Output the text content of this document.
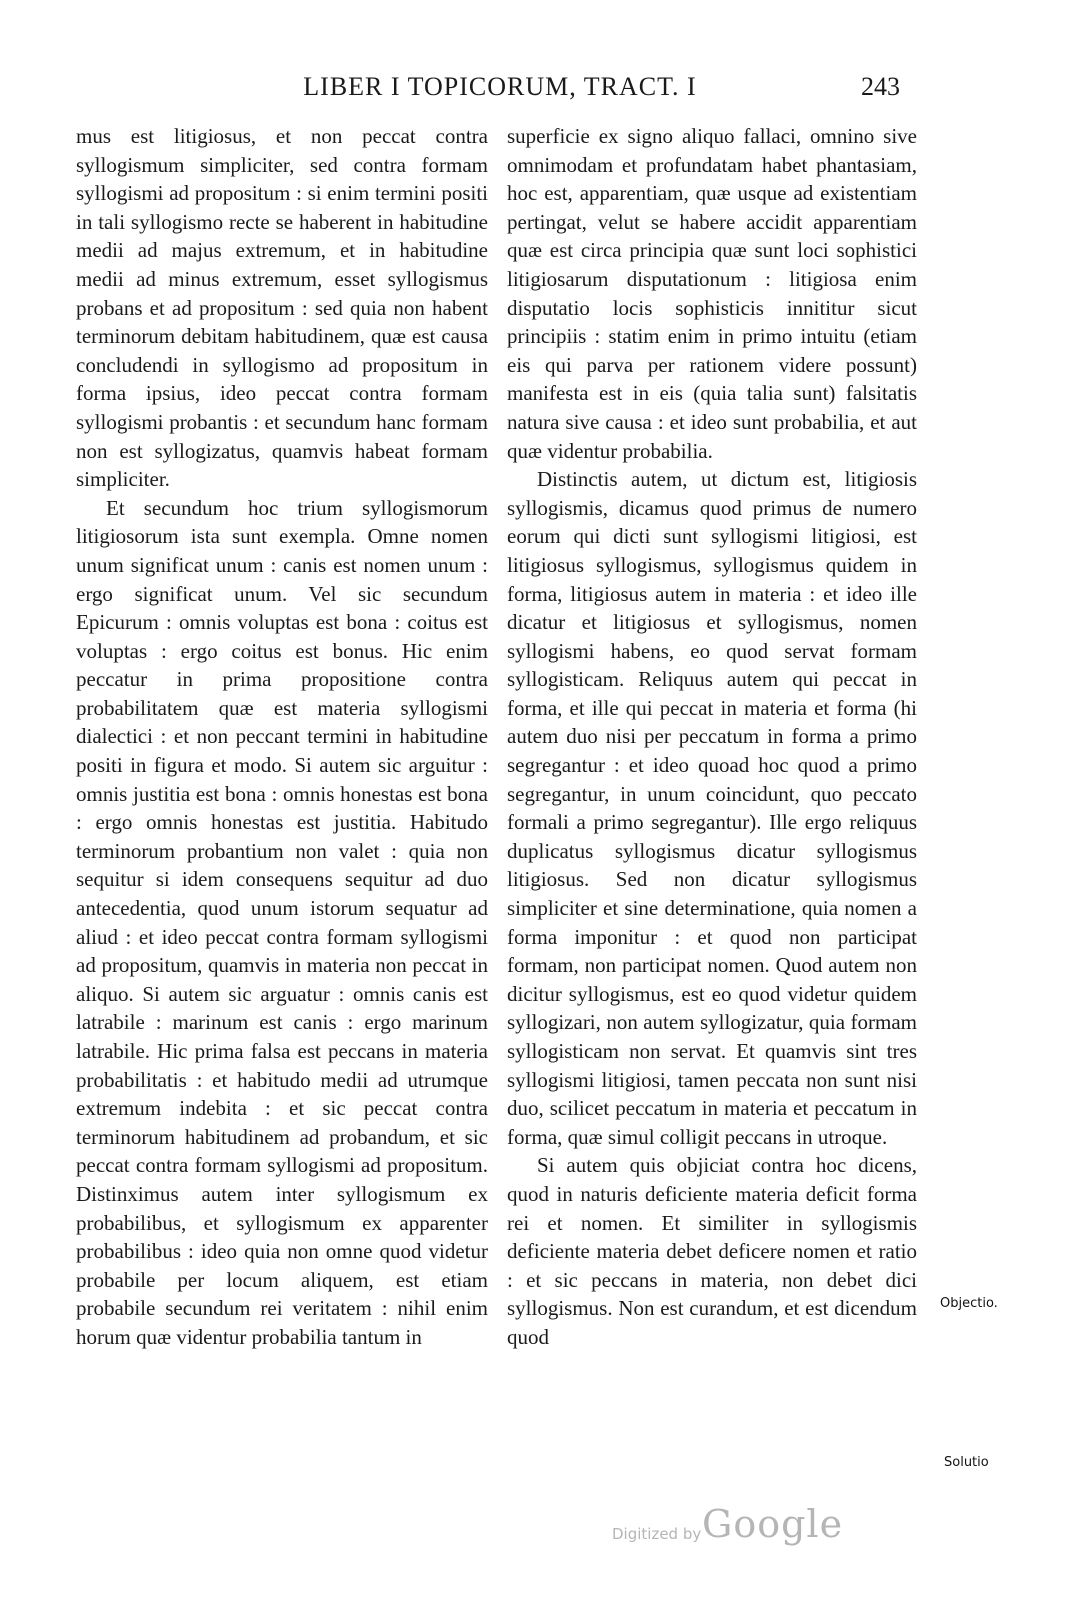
LIBER I TOPICORUM, TRACT. I	243

mus est litigiosus, et non peccat contra syllogismum simpliciter, sed contra formam syllogismi ad propositum : si enim termini positi in tali syllogismo recte se haberent in habitudine medii ad majus extremum, et in habitudine medii ad minus extremum, esset syllogismus probans et ad propositum : sed quia non habent terminorum debitam habitudinem, quæ est causa concludendi in syllogismo ad propositum in forma ipsius, ideo peccat contra formam syllogismi probantis : et secundum hanc formam non est syllogizatus, quamvis habeat formam simpliciter.

Et secundum hoc trium syllogismorum litigiosorum ista sunt exempla. Omne nomen unum significat unum : canis est nomen unum : ergo significat unum. Vel sic secundum Epicurum : omnis voluptas est bona : coitus est voluptas : ergo coitus est bonus. Hic enim peccatur in prima propositione contra probabilitatem quæ est materia syllogismi dialectici : et non peccant termini in habitudine positi in figura et modo. Si autem sic arguitur : omnis justitia est bona : omnis honestas est bona : ergo omnis honestas est justitia. Habitudo terminorum probantium non valet : quia non sequitur si idem consequens sequitur ad duo antecedentia, quod unum istorum sequatur ad aliud : et ideo peccat contra formam syllogismi ad propositum, quamvis in materia non peccat in aliquo. Si autem sic arguatur : omnis canis est latrabile : marinum est canis : ergo marinum latrabile. Hic prima falsa est peccans in materia probabilitatis : et habitudo medii ad utrumque extremum indebita : et sic peccat contra terminorum habitudinem ad probandum, et sic peccat contra formam syllogismi ad propositum. Distinximus autem inter syllogismum ex probabilibus, et syllogismum ex apparenter probabilibus : ideo quia non omne quod videtur probabile per locum aliquem, est etiam probabile secundum rei veritatem : nihil enim horum quæ videntur probabilia tantum in

superficie ex signo aliquo fallaci, omnino sive omnimodam et profundatam habet phantasiam, hoc est, apparentiam, quæ usque ad existentiam pertingat, velut se habere accidit apparentiam quæ est circa principia quæ sunt loci sophistici litigiosarum disputationum : litigiosa enim disputatio locis sophisticis innititur sicut principiis : statim enim in primo intuitu (etiam eis qui parva per rationem videre possunt) manifesta est in eis (quia talia sunt) falsitatis natura sive causa : et ideo sunt probabilia, et aut quæ videntur probabilia.

Distinctis autem, ut dictum est, litigiosis syllogismis, dicamus quod primus de numero eorum qui dicti sunt syllogismi litigiosi, est litigiosus syllogismus, syllogismus quidem in forma, litigiosus autem in materia : et ideo ille dicatur et litigiosus et syllogismus, nomen syllogismi habens, eo quod servat formam syllogisticam. Reliquus autem qui peccat in forma, et ille qui peccat in materia et forma (hi autem duo nisi per peccatum in forma a primo segregantur : et ideo quoad hoc quod a primo segregantur, in unum coincidunt, quo peccato formali a primo segregantur). Ille ergo reliquus duplicatus syllogismus dicatur syllogismus litigiosus. Sed non dicatur syllogismus simpliciter et sine determinatione, quia nomen a forma imponitur : et quod non participat formam, non participat nomen. Quod autem non dicitur syllogismus, est eo quod videtur quidem syllogizari, non autem syllogizatur, quia formam syllogisticam non servat. Et quamvis sint tres syllogismi litigiosi, tamen peccata non sunt nisi duo, scilicet peccatum in materia et peccatum in forma, quæ simul colligit peccans in utroque.

Si autem quis objiciat contra hoc dicens, quod in naturis deficiente materia deficit forma rei et nomen. Et similiter in syllogismis deficiente materia debet deficere nomen et ratio : et sic peccans in materia, non debet dici syllogismus. Non est curandum, et est dicendum quod

Objectio.
Solutio
Digitized by Google
